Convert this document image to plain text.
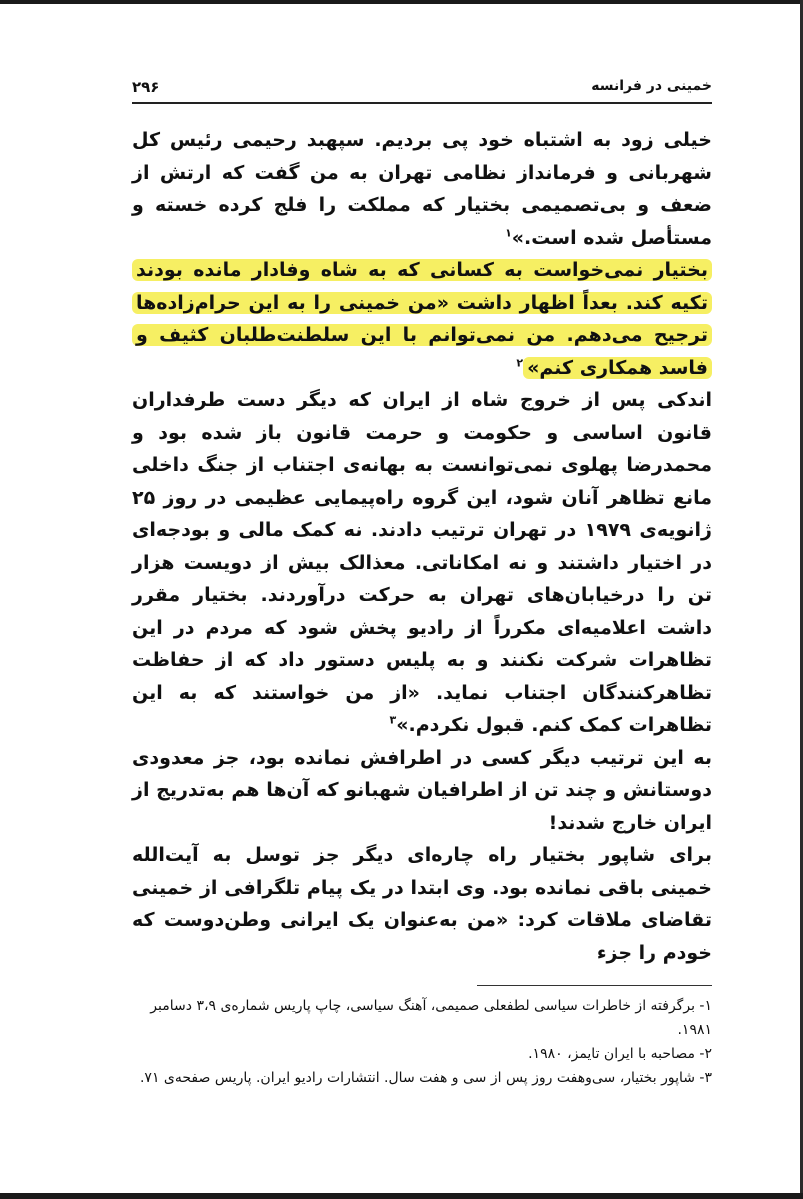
خمینی در فرانسه
۲۹۶

خیلی زود به اشتباه خود پی بردیم. سپهبد رحیمی رئیس کل شهربانی و فرمانداز نظامی تهران به من گفت که ارتش از ضعف و بی‌تصمیمی بختیار که مملکت را فلج کرده خسته و مستأصل شده است.»$^۱$

بختیار نمی‌خواست به کسانی که به شاه وفادار مانده بودند تکیه کند. بعداً اظهار داشت «من خمینی را به این حرام‌زاده‌ها ترجیح می‌دهم. من نمی‌توانم با این سلطنت‌طلبان کثیف و فاسد همکاری کنم»$^۲$

اندکی پس از خروج شاه از ایران که دیگر دست طرفداران قانون اساسی و حکومت و حرمت قانون باز شده بود و محمدرضا پهلوی نمی‌توانست به بهانه‌ی اجتناب از جنگ داخلی مانع تظاهر آنان شود، این گروه راه‌پیمایی عظیمی در روز ۲۵ ژانویه‌ی ۱۹۷۹ در تهران ترتیب دادند. نه کمک مالی و بودجه‌ای در اختیار داشتند و نه امکاناتی. معذالک بیش از دویست هزار تن را درخیابان‌های تهران به حرکت درآوردند. بختیار مقرر داشت اعلامیه‌ای مکرراً از رادیو پخش شود که مردم در این تظاهرات شرکت نکنند و به پلیس دستور داد که از حفاظت تظاهرکنندگان اجتناب نماید. «از من خواستند که به این تظاهرات کمک کنم. قبول نکردم.»$^۳$

به این ترتیب دیگر کسی در اطرافش نمانده بود، جز معدودی دوستانش و چند تن از اطرافیان شهبانو که آن‌ها هم به‌تدریج از ایران خارج شدند!

برای شاپور بختیار راه چاره‌ای دیگر جز توسل به آیت‌الله خمینی باقی نمانده بود. وی ابتدا در یک پیام تلگرافی از خمینی تقاضای ملاقات کرد: «من به‌عنوان یک ایرانی وطن‌دوست که خودم را جزء

۱- برگرفته از خاطرات سیاسی لطفعلی صمیمی، آهنگ سیاسی، چاپ پاریس شماره‌ی ۳،۹ دسامبر ۱۹۸۱.

۲- مصاحبه با ایران تایمز، ۱۹۸۰.

۳- شاپور بختیار، سی‌وهفت روز پس از سی و هفت سال. انتشارات رادیو ایران. پاریس صفحه‌ی ۷۱.
